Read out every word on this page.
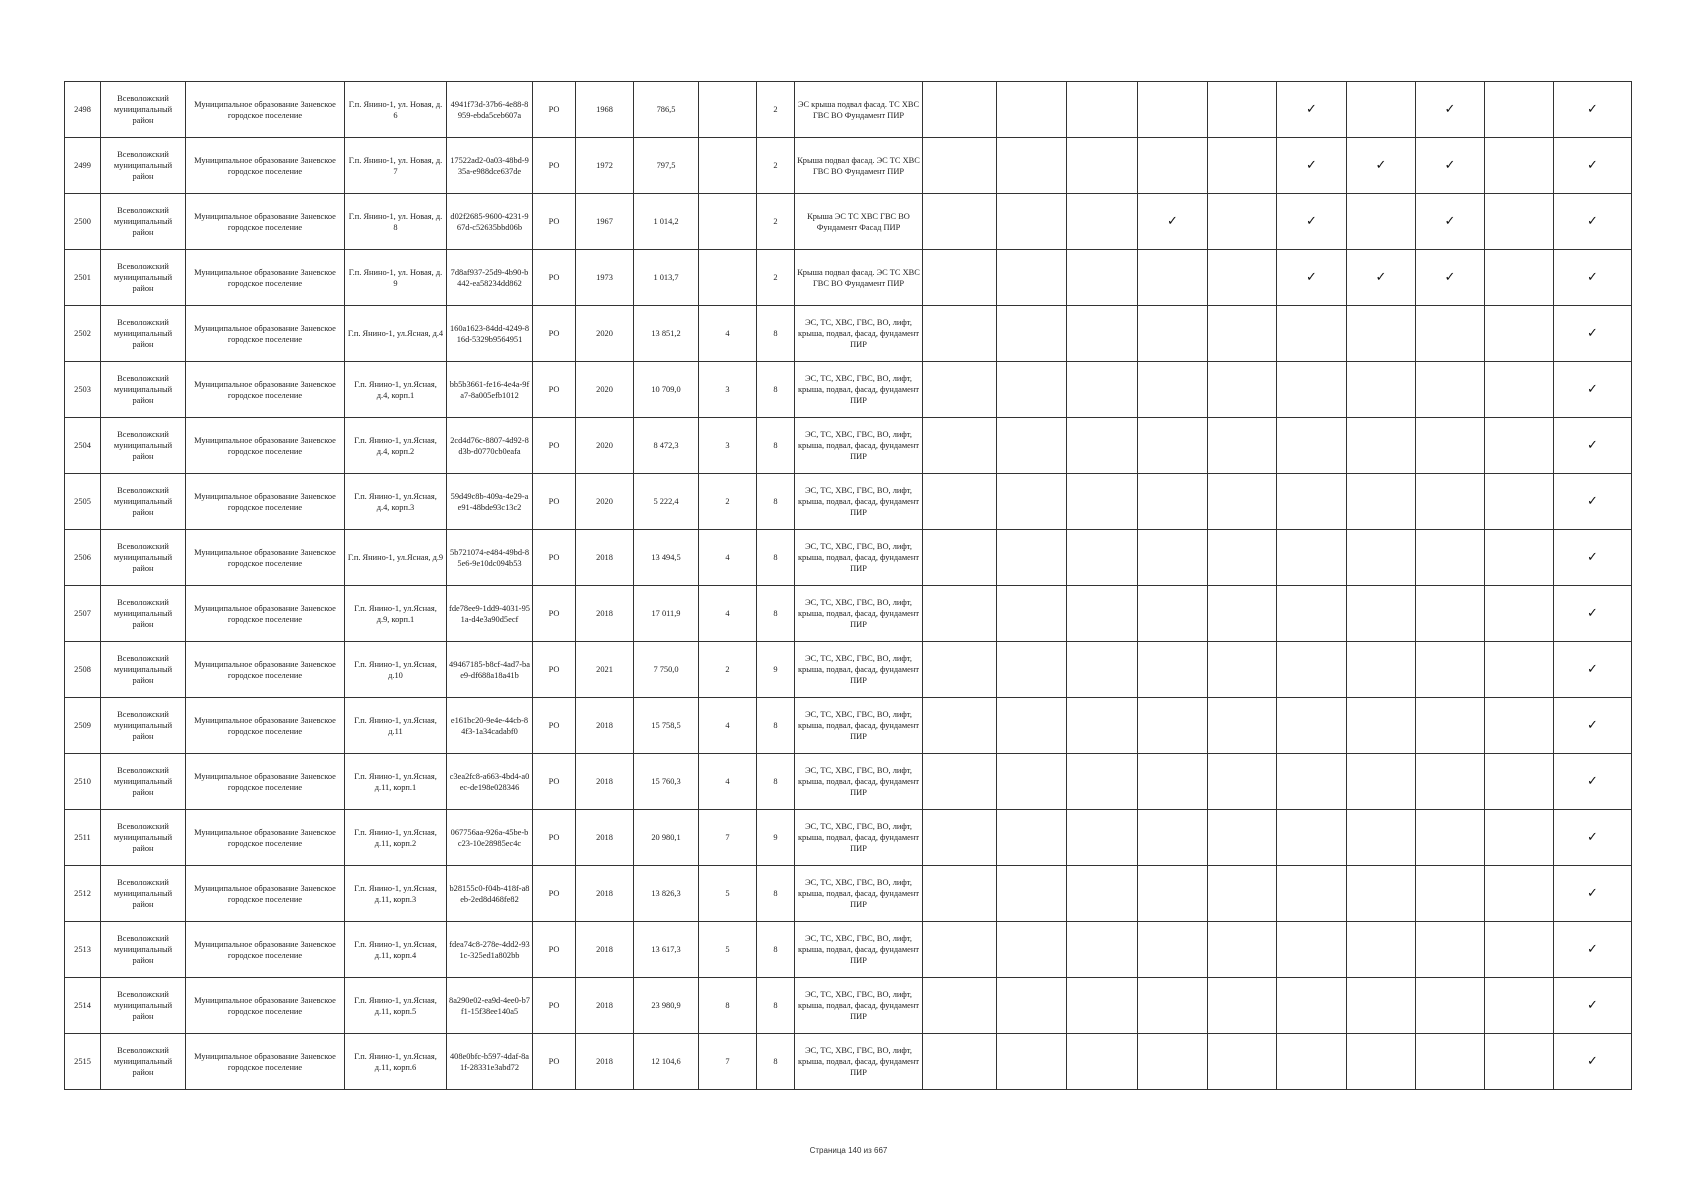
2498	Всеволожский муниципальный район	Муниципальное образование Заневское городское поселение	Г.п. Янино-1, ул. Новая, д. 6	4941f73d-37b6-4e88-8959-ebda5ceb607a	РО	1968	786,5		2	ЭС крыша подвал фасад. ТС ХВС ГВС ВО Фундамент ПИР						✓		✓		✓
2499	Всеволожский муниципальный район	Муниципальное образование Заневское городское поселение	Г.п. Янино-1, ул. Новая, д. 7	17522ad2-0a03-48bd-935a-e988dce637de	РО	1972	797,5		2	Крыша подвал фасад. ЭС ТС ХВС ГВС ВО Фундамент ПИР						✓	✓	✓		✓
2500	Всеволожский муниципальный район	Муниципальное образование Заневское городское поселение	Г.п. Янино-1, ул. Новая, д. 8	d02f2685-9600-4231-967d-c52635bbd06b	РО	1967	1 014,2		2	Крыша ЭС ТС ХВС ГВС ВО Фундамент Фасад ПИР				✓		✓		✓		✓
2501	Всеволожский муниципальный район	Муниципальное образование Заневское городское поселение	Г.п. Янино-1, ул. Новая, д. 9	7d8af937-25d9-4b90-b442-ea58234dd862	РО	1973	1 013,7		2	Крыша подвал фасад. ЭС ТС ХВС ГВС ВО Фундамент ПИР						✓	✓	✓		✓
2502	Всеволожский муниципальный район	Муниципальное образование Заневское городское поселение	Г.п. Янино-1, ул.Ясная, д.4	160a1623-84dd-4249-816d-5329b9564951	РО	2020	13 851,2	4	8	ЭС, ТС, ХВС, ГВС, ВО, лифт, крыша, подвал, фасад, фундамент ПИР										✓
2503	Всеволожский муниципальный район	Муниципальное образование Заневское городское поселение	Г.п. Янино-1, ул.Ясная, д.4, корп.1	bb5b3661-fe16-4e4a-9fa7-8a005efb1012	РО	2020	10 709,0	3	8	ЭС, ТС, ХВС, ГВС, ВО, лифт, крыша, подвал, фасад, фундамент ПИР										✓
2504	Всеволожский муниципальный район	Муниципальное образование Заневское городское поселение	Г.п. Янино-1, ул.Ясная, д.4, корп.2	2cd4d76c-8807-4d92-8d3b-d0770cb0eafa	РО	2020	8 472,3	3	8	ЭС, ТС, ХВС, ГВС, ВО, лифт, крыша, подвал, фасад, фундамент ПИР										✓
2505	Всеволожский муниципальный район	Муниципальное образование Заневское городское поселение	Г.п. Янино-1, ул.Ясная, д.4, корп.3	59d49c8b-409a-4e29-ae91-48bde93c13c2	РО	2020	5 222,4	2	8	ЭС, ТС, ХВС, ГВС, ВО, лифт, крыша, подвал, фасад, фундамент ПИР										✓
2506	Всеволожский муниципальный район	Муниципальное образование Заневское городское поселение	Г.п. Янино-1, ул.Ясная, д.9	5b721074-e484-49bd-85e6-9e10dc094b53	РО	2018	13 494,5	4	8	ЭС, ТС, ХВС, ГВС, ВО, лифт, крыша, подвал, фасад, фундамент ПИР										✓
2507	Всеволожский муниципальный район	Муниципальное образование Заневское городское поселение	Г.п. Янино-1, ул.Ясная, д.9, корп.1	fde78ee9-1dd9-4031-951a-d4e3a90d5ecf	РО	2018	17 011,9	4	8	ЭС, ТС, ХВС, ГВС, ВО, лифт, крыша, подвал, фасад, фундамент ПИР										✓
2508	Всеволожский муниципальный район	Муниципальное образование Заневское городское поселение	Г.п. Янино-1, ул.Ясная, д.10	49467185-b8cf-4ad7-bae9-df688a18a41b	РО	2021	7 750,0	2	9	ЭС, ТС, ХВС, ГВС, ВО, лифт, крыша, подвал, фасад, фундамент ПИР										✓
2509	Всеволожский муниципальный район	Муниципальное образование Заневское городское поселение	Г.п. Янино-1, ул.Ясная, д.11	e161bc20-9e4e-44cb-84f3-1a34cadabf0	РО	2018	15 758,5	4	8	ЭС, ТС, ХВС, ГВС, ВО, лифт, крыша, подвал, фасад, фундамент ПИР										✓
2510	Всеволожский муниципальный район	Муниципальное образование Заневское городское поселение	Г.п. Янино-1, ул.Ясная, д.11, корп.1	c3ea2fc8-a663-4bd4-a0ec-de198e028346	РО	2018	15 760,3	4	8	ЭС, ТС, ХВС, ГВС, ВО, лифт, крыша, подвал, фасад, фундамент ПИР										✓
2511	Всеволожский муниципальный район	Муниципальное образование Заневское городское поселение	Г.п. Янино-1, ул.Ясная, д.11, корп.2	067756aa-926a-45be-bc23-10e28985ec4c	РО	2018	20 980,1	7	9	ЭС, ТС, ХВС, ГВС, ВО, лифт, крыша, подвал, фасад, фундамент ПИР										✓
2512	Всеволожский муниципальный район	Муниципальное образование Заневское городское поселение	Г.п. Янино-1, ул.Ясная, д.11, корп.3	b28155c0-f04b-418f-a8eb-2ed8d468fe82	РО	2018	13 826,3	5	8	ЭС, ТС, ХВС, ГВС, ВО, лифт, крыша, подвал, фасад, фундамент ПИР										✓
2513	Всеволожский муниципальный район	Муниципальное образование Заневское городское поселение	Г.п. Янино-1, ул.Ясная, д.11, корп.4	fdea74c8-278e-4dd2-931c-325ed1a802bb	РО	2018	13 617,3	5	8	ЭС, ТС, ХВС, ГВС, ВО, лифт, крыша, подвал, фасад, фундамент ПИР										✓
2514	Всеволожский муниципальный район	Муниципальное образование Заневское городское поселение	Г.п. Янино-1, ул.Ясная, д.11, корп.5	8a290e02-ea9d-4ee0-b7f1-15f38ee140a5	РО	2018	23 980,9	8	8	ЭС, ТС, ХВС, ГВС, ВО, лифт, крыша, подвал, фасад, фундамент ПИР										✓
2515	Всеволожский муниципальный район	Муниципальное образование Заневское городское поселение	Г.п. Янино-1, ул.Ясная, д.11, корп.6	408e0bfc-b597-4daf-8a1f-28331e3abd72	РО	2018	12 104,6	7	8	ЭС, ТС, ХВС, ГВС, ВО, лифт, крыша, подвал, фасад, фундамент ПИР										✓
Страница 140 из 667
